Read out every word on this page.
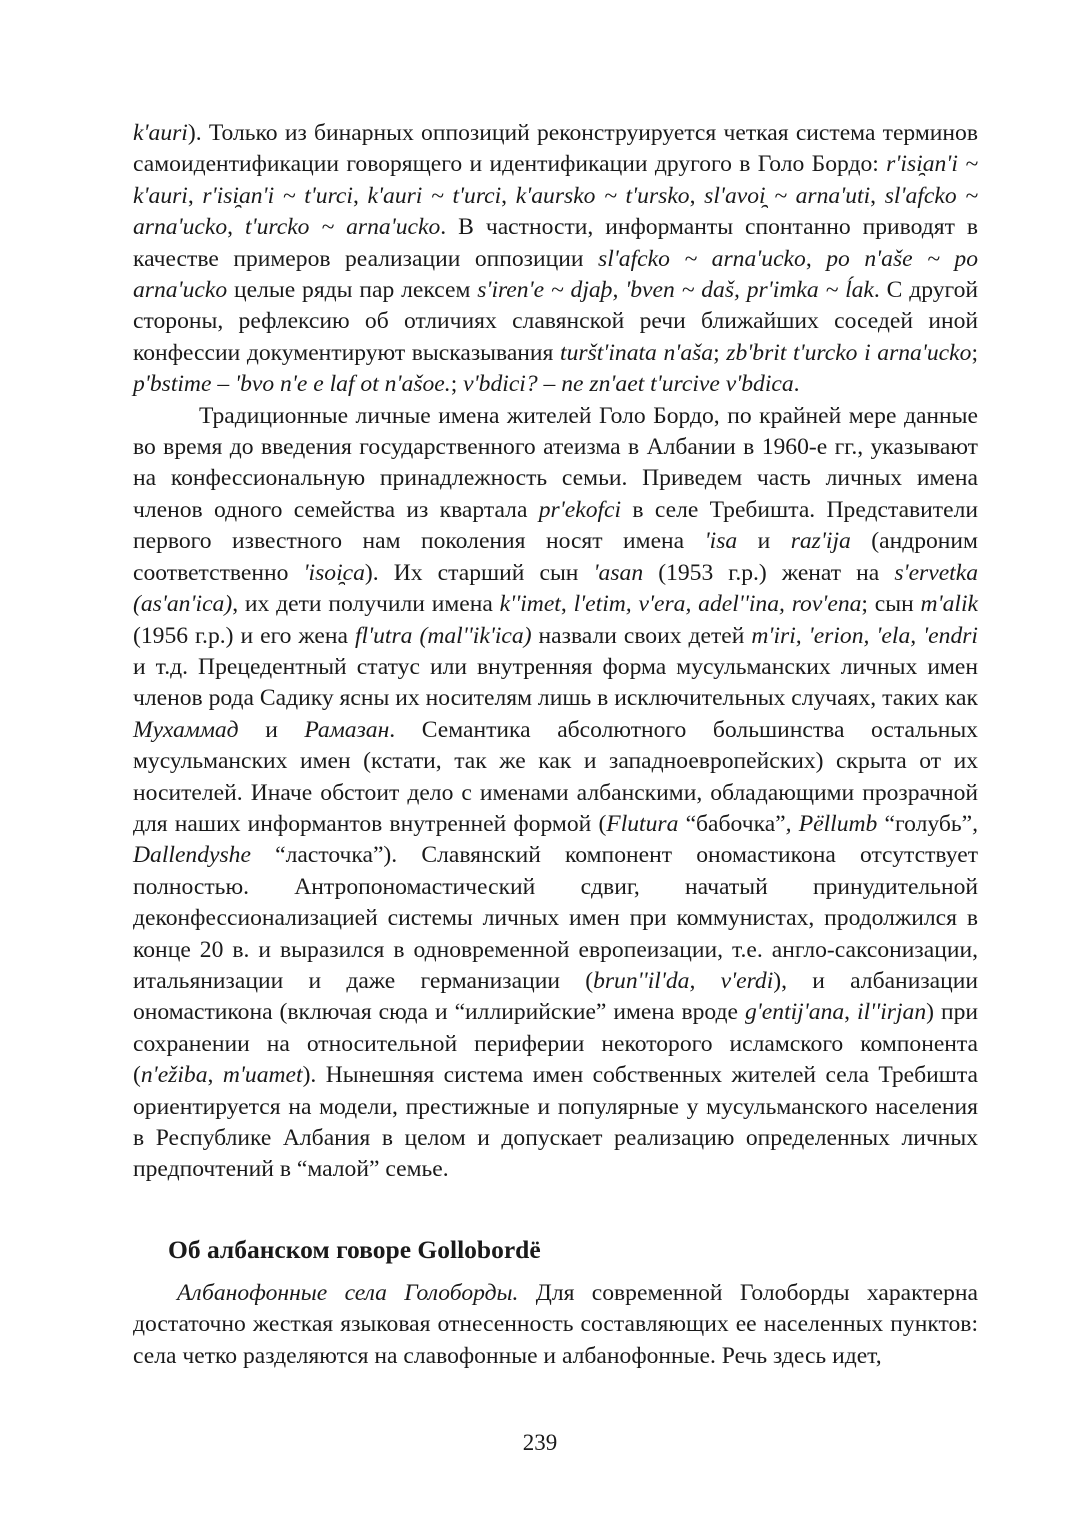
k'auri). Только из бинарных оппозиций реконструируется четкая система терминов самоидентификации говорящего и идентификации другого в Голо Бордо: r'isi̯an'i ~ k'auri, r'isi̯an'i ~ t'urci, k'auri ~ t'urci, k'aursko ~ t'ursko, sl'avoi̯ ~ arna'uti, sl'afcko ~ arna'ucko, t'urcko ~ arna'ucko. В частности, информанты спонтанно приводят в качестве примеров реализации оппозиции sl'afcko ~ arna'ucko, po n'aše ~ po arna'ucko целые ряды пар лексем s'iren'e ~ djaþ, 'bven ~ daš, pr'imka ~ ĺak. С другой стороны, рефлексию об отличиях славянской речи ближайших соседей иной конфессии документируют высказывания turšt'inata n'aša; zb'brit t'urcko i arna'ucko; p'bstime – 'bvo n'e e laf ot n'ašoe.; v'bdici? – ne zn'aet t'urcive v'bdica.

Традиционные личные имена жителей Голо Бордо, по крайней мере данные во время до введения государственного атеизма в Албании в 1960-е гг., указывают на конфессиональную принадлежность семьи. Приведем часть личных имена членов одного семейства из квартала pr'ekofci в селе Требишта. Представители первого известного нам поколения носят имена 'isa и raz'ija (андроним соответственно 'isoi̯ca). Их старший сын 'asan (1953 г.р.) женат на s'ervetka (as'an'ica), их дети получили имена k''imet, l'etim, v'era, adel''ina, rov'ena; сын m'alik (1956 г.р.) и его жена fl'utra (mal''ik'ica) назвали своих детей m'iri, 'erion, 'ela, 'endri и т.д. Прецедентный статус или внутренняя форма мусульманских личных имен членов рода Садику ясны их носителям лишь в исключительных случаях, таких как Мухаммад и Рамазан. Семантика абсолютного большинства остальных мусульманских имен (кстати, так же как и западноевропейских) скрыта от их носителей. Иначе обстоит дело с именами албанскими, обладающими прозрачной для наших информантов внутренней формой (Flutura “бабочка”, Pëllumb “голубь”, Dallendyshe “ласточка”). Славянский компонент ономастикона отсутствует полностью. Антропономастический сдвиг, начатый принудительной деконфессионализацией системы личных имен при коммунистах, продолжился в конце 20 в. и выразился в одновременной европеизации, т.е. англо-саксонизации, итальянизации и даже германизации (brun''il'da, v'erdi), и албанизации ономастикона (включая сюда и “иллирийские” имена вроде g'entij'ana, il''irjan) при сохранении на относительной периферии некоторого исламского компонента (n'ežiba, m'uamet). Нынешняя система имен собственных жителей села Требишта ориентируется на модели, престижные и популярные у мусульманского населения в Республике Албания в целом и допускает реализацию определенных личных предпочтений в “малой” семье.

Об албанском говоре Gollobordë

Албанофонные села Голоборды. Для современной Голоборды характерна достаточно жесткая языковая отнесенность составляющих ее населенных пунктов: села четко разделяются на славофонные и албанофонные. Речь здесь идет,

239
